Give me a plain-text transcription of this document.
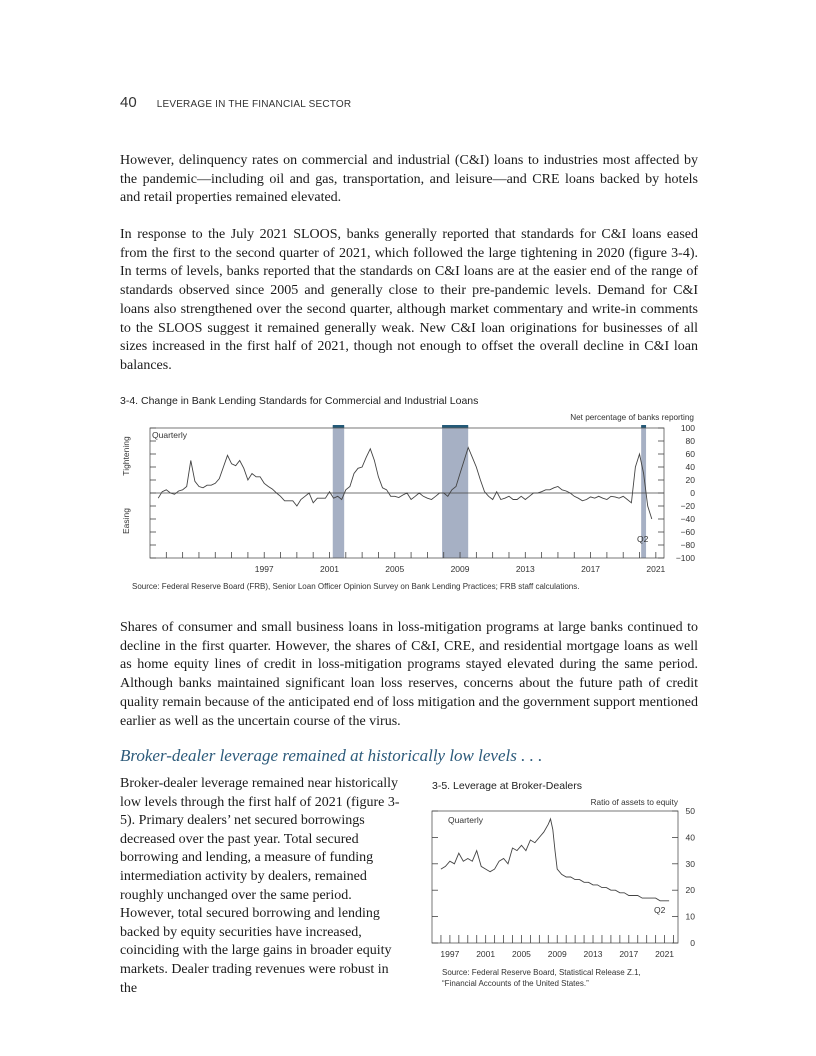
40 LEVERAGE IN THE FINANCIAL SECTOR

However, delinquency rates on commercial and industrial (C&I) loans to industries most affected by the pandemic—including oil and gas, transportation, and leisure—and CRE loans backed by hotels and retail properties remained elevated.

In response to the July 2021 SLOOS, banks generally reported that standards for C&I loans eased from the first to the second quarter of 2021, which followed the large tightening in 2020 (figure 3-4). In terms of levels, banks reported that the standards on C&I loans are at the easier end of the range of standards observed since 2005 and generally close to their pre-pandemic levels. Demand for C&I loans also strengthened over the second quarter, although market commentary and write-in comments to the SLOOS suggest it remained generally weak. New C&I loan originations for businesses of all sizes increased in the first half of 2021, though not enough to offset the overall decline in C&I loan balances.

3-4. Change in Bank Lending Standards for Commercial and Industrial Loans
Net percentage of banks reporting
100
80
60
40
20
0
−20
−40
−60
−80
−100
1997	2001	2005	2009	2013	2017	2021
Quarterly
Q2
Tightening
Easing
Source: Federal Reserve Board (FRB), Senior Loan Officer Opinion Survey on Bank Lending Practices; FRB staff calculations.

Shares of consumer and small business loans in loss-mitigation programs at large banks continued to decline in the first quarter. However, the shares of C&I, CRE, and residential mortgage loans as well as home equity lines of credit in loss-mitigation programs stayed elevated during the same period. Although banks maintained significant loan loss reserves, concerns about the future path of credit quality remain because of the anticipated end of loss mitigation and the government support mentioned earlier as well as the uncertain course of the virus.

Broker-dealer leverage remained at historically low levels . . .

Broker-dealer leverage remained near historically low levels through the first half of 2021 (figure 3-5). Primary dealers’ net secured borrowings decreased over the past year. Total secured borrowing and lending, a measure of funding intermediation activity by dealers, remained roughly unchanged over the same period. However, total secured borrowing and lending backed by equity securities have increased, coinciding with the large gains in broader equity markets. Dealer trading revenues were robust in the

3-5. Leverage at Broker-Dealers
Ratio of assets to equity
0
10
20
30
40
50
1997 2001 2005 2009 2013 2017 2021
Quarterly
Q2
Source: Federal Reserve Board, Statistical Release Z.1,
“Financial Accounts of the United States.”
